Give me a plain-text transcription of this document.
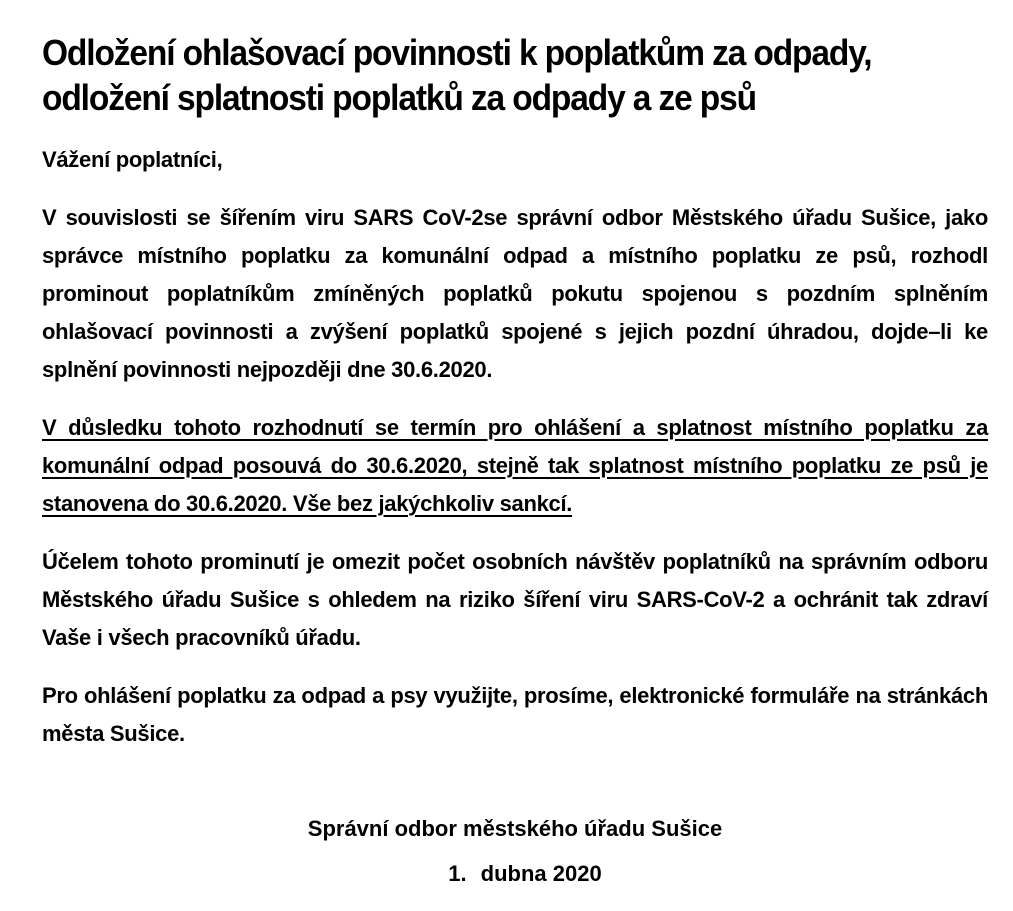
Odložení ohlašovací povinnosti k poplatkům za odpady,
odložení splatnosti poplatků za odpady a ze psů

Vážení poplatníci,

V souvislosti se šířením viru SARS CoV-2se správní odbor Městského úřadu Sušice, jako správce místního poplatku za komunální odpad a místního poplatku ze psů, rozhodl prominout poplatníkům zmíněných poplatků pokutu spojenou s pozdním splněním ohlašovací povinnosti a zvýšení poplatků spojené s jejich pozdní úhradou, dojde–li ke splnění povinnosti nejpozději dne 30.6.2020.

V důsledku tohoto rozhodnutí se termín pro ohlášení a splatnost místního poplatku za komunální odpad posouvá do 30.6.2020, stejně tak splatnost místního poplatku ze psů je stanovena do 30.6.2020. Vše bez jakýchkoliv sankcí.

Účelem tohoto prominutí je omezit počet osobních návštěv poplatníků na správním odboru Městského úřadu Sušice s ohledem na riziko šíření viru SARS-CoV-2 a ochránit tak zdraví Vaše i všech pracovníků úřadu.

Pro ohlášení poplatku za odpad a psy využijte, prosíme, elektronické formuláře na stránkách města Sušice.

Správní odbor městského úřadu Sušice
1. dubna 2020
